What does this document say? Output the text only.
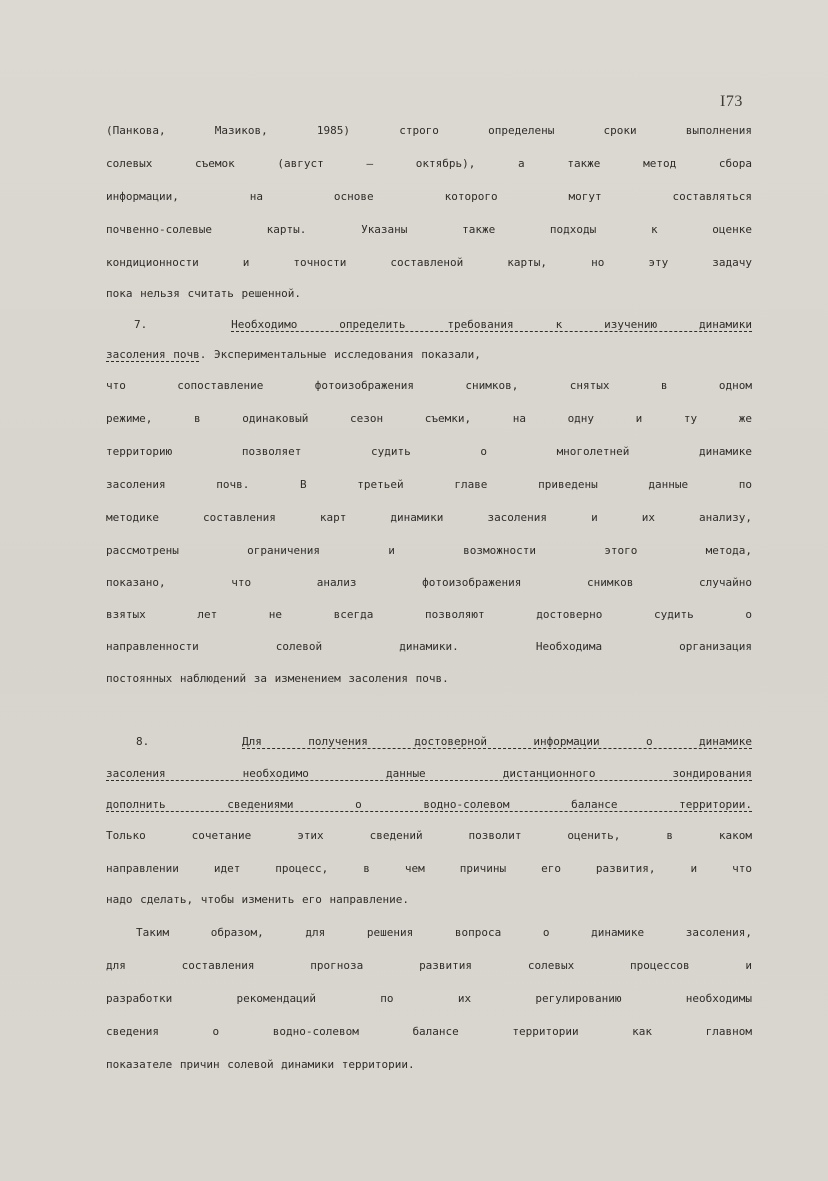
I73
(Панкова, Мазиков, 1985) строго определены сроки выполнения
солевых съемок (август – октябрь), а также метод сбора
информации, на основе которого могут составляться
почвенно-солевые карты. Указаны также подходы к оценке
кондиционности и точности составленой карты, но эту задачу
пока нельзя считать решенной.
7.	Необходимо определить требования к изучению динамики
засоления почв. Экспериментальные исследования показали,
что сопоставление фотоизображения снимков, снятых в одном
режиме, в одинаковый сезон съемки, на одну и ту же
территорию позволяет судить о многолетней динамике
засоления почв. В третьей главе приведены данные по
методике составления карт динамики засоления и их анализу,
рассмотрены ограничения и возможности этого метода,
показано, что анализ фотоизображения снимков случайно
взятых лет не всегда позволяют достоверно судить о
направленности солевой динамики. Необходима организация
постоянных наблюдений за изменением засоления почв.
8.	Для получения достоверной информации о динамике
засоления необходимо данные дистанционного зондирования
дополнить сведениями о водно-солевом балансе территории.
Только сочетание этих сведений позволит оценить, в каком
направлении идет процесс, в чем причины его развития, и что
надо сделать, чтобы изменить его направление.
Таким образом, для решения вопроса о динамике засоления,
для составления прогноза развития солевых процессов и
разработки рекомендаций по их регулированию необходимы
сведения о водно-солевом балансе территории как главном
показателе причин солевой динамики территории.
